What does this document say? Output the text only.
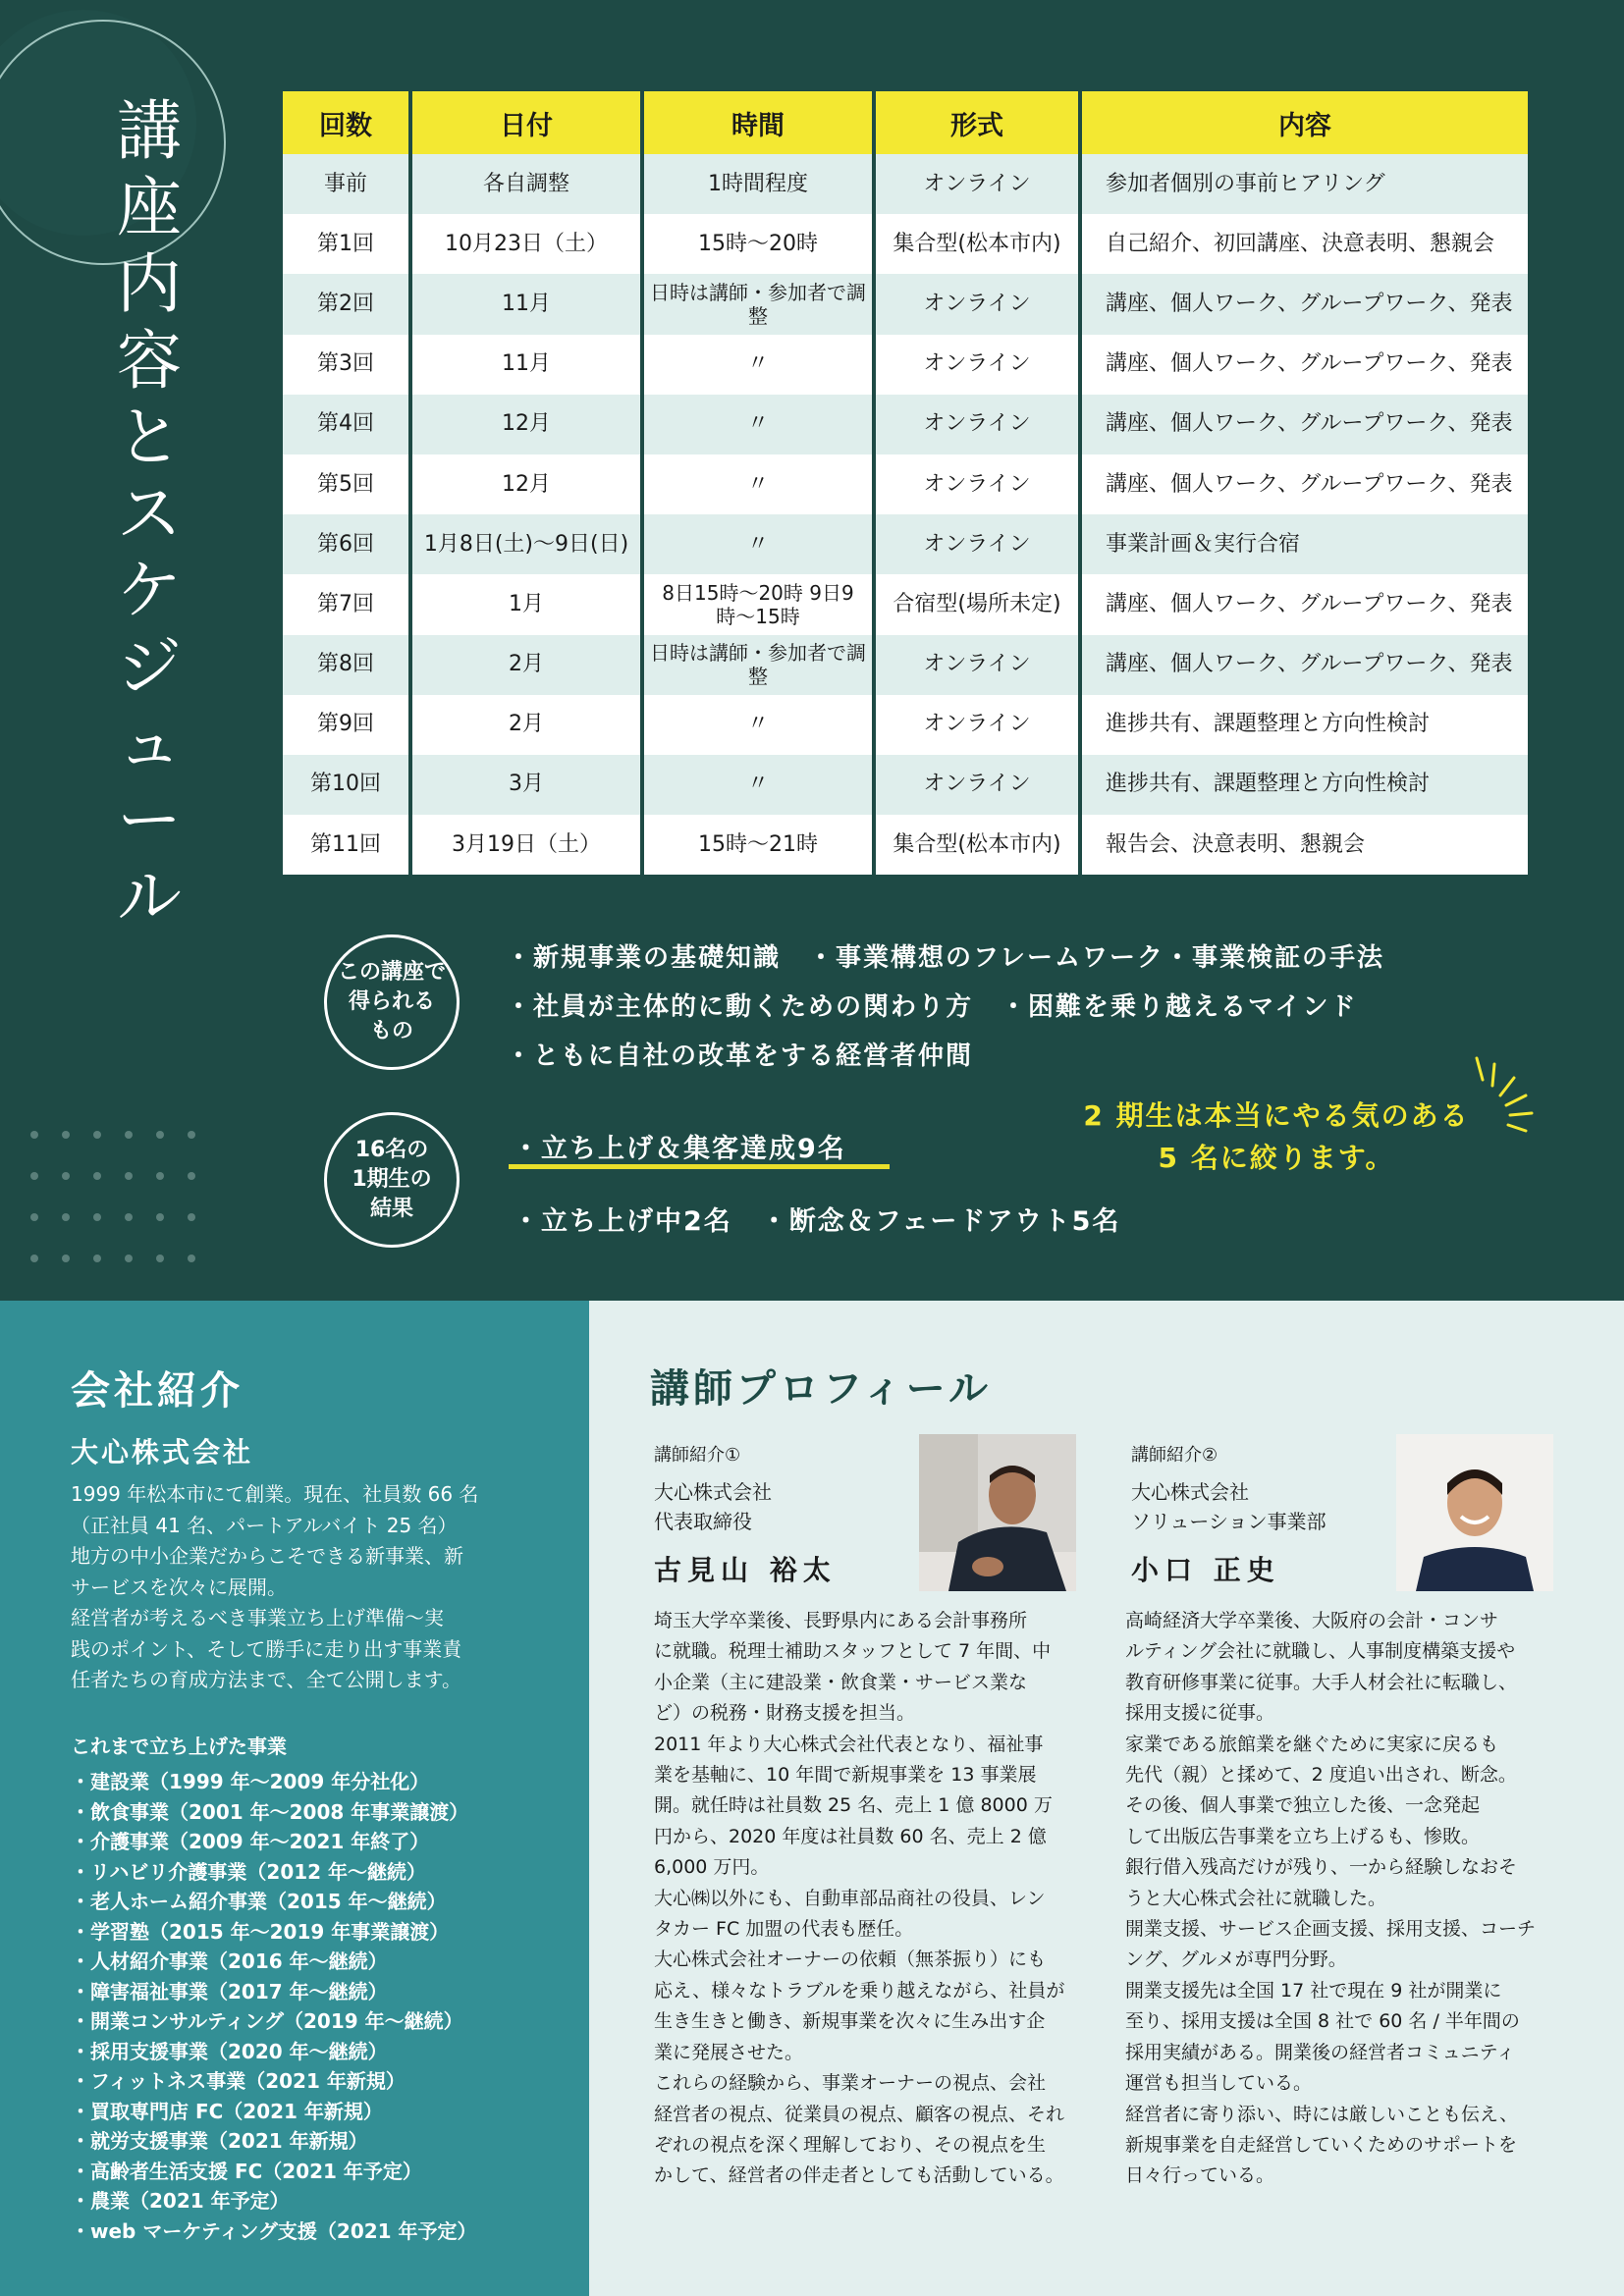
講
座
内
容
と
ス
ケ
ジ
ュ
ー
ル
回数	日付	時間	形式	内容
事前	各自調整	1時間程度	オンライン	参加者個別の事前ヒアリング
第1回	10月23日（土）	15時〜20時	集合型(松本市内)	自己紹介、初回講座、決意表明、懇親会
第2回	11月	日時は講師・参加者で調整	オンライン	講座、個人ワーク、グループワーク、発表
第3回	11月	〃	オンライン	講座、個人ワーク、グループワーク、発表
第4回	12月	〃	オンライン	講座、個人ワーク、グループワーク、発表
第5回	12月	〃	オンライン	講座、個人ワーク、グループワーク、発表
第6回	1月8日(土)〜9日(日)	〃	オンライン	事業計画＆実行合宿
第7回	1月	8日15時〜20時 9日9時〜15時	合宿型(場所未定)	講座、個人ワーク、グループワーク、発表
第8回	2月	日時は講師・参加者で調整	オンライン	講座、個人ワーク、グループワーク、発表
第9回	2月	〃	オンライン	進捗共有、課題整理と方向性検討
第10回	3月	〃	オンライン	進捗共有、課題整理と方向性検討
第11回	3月19日（土）	15時〜21時	集合型(松本市内)	報告会、決意表明、懇親会
この講座で
得られる
もの
・新規事業の基礎知識　・事業構想のフレームワーク・事業検証の手法
・社員が主体的に動くための関わり方　・困難を乗り越えるマインド
・ともに自社の改革をする経営者仲間
16名の
1期生の
結果
・立ち上げ＆集客達成9名
・立ち上げ中2名　・断念＆フェードアウト5名
2 期生は本当にやる気のある
5 名に絞ります。
会社紹介
大心株式会社
1999 年松本市にて創業。現在、社員数 66 名
（正社員 41 名、パートアルバイト 25 名）
地方の中小企業だからこそできる新事業、新
サービスを次々に展開。
経営者が考えるべき事業立ち上げ準備〜実
践のポイント、そして勝手に走り出す事業責
任者たちの育成方法まで、全て公開します。
これまで立ち上げた事業
・建設業（1999 年〜2009 年分社化）
・飲食事業（2001 年〜2008 年事業譲渡）
・介護事業（2009 年〜2021 年終了）
・リハビリ介護事業（2012 年〜継続）
・老人ホーム紹介事業（2015 年〜継続）
・学習塾（2015 年〜2019 年事業譲渡）
・人材紹介事業（2016 年〜継続）
・障害福祉事業（2017 年〜継続）
・開業コンサルティング（2019 年〜継続）
・採用支援事業（2020 年〜継続）
・フィットネス事業（2021 年新規）
・買取専門店 FC（2021 年新規）
・就労支援事業（2021 年新規）
・高齢者生活支援 FC（2021 年予定）
・農業（2021 年予定）
・web マーケティング支援（2021 年予定）
講師プロフィール
講師紹介①
大心株式会社
代表取締役
古見山 裕太
埼玉大学卒業後、長野県内にある会計事務所
に就職。税理士補助スタッフとして 7 年間、中
小企業（主に建設業・飲食業・サービス業な
ど）の税務・財務支援を担当。
2011 年より大心株式会社代表となり、福祉事
業を基軸に、10 年間で新規事業を 13 事業展
開。就任時は社員数 25 名、売上 1 億 8000 万
円から、2020 年度は社員数 60 名、売上 2 億
6,000 万円。
大心㈱以外にも、自動車部品商社の役員、レン
タカー FC 加盟の代表も歴任。
大心株式会社オーナーの依頼（無茶振り）にも
応え、様々なトラブルを乗り越えながら、社員が
生き生きと働き、新規事業を次々に生み出す企
業に発展させた。
これらの経験から、事業オーナーの視点、会社
経営者の視点、従業員の視点、顧客の視点、それ
ぞれの視点を深く理解しており、その視点を生
かして、経営者の伴走者としても活動している。
講師紹介②
大心株式会社
ソリューション事業部
小口 正史
高崎経済大学卒業後、大阪府の会計・コンサ
ルティング会社に就職し、人事制度構築支援や
教育研修事業に従事。大手人材会社に転職し、
採用支援に従事。
家業である旅館業を継ぐために実家に戻るも
先代（親）と揉めて、2 度追い出され、断念。
その後、個人事業で独立した後、一念発起
して出版広告事業を立ち上げるも、惨敗。
銀行借入残高だけが残り、一から経験しなおそ
うと大心株式会社に就職した。
開業支援、サービス企画支援、採用支援、コーチ
ング、グルメが専門分野。
開業支援先は全国 17 社で現在 9 社が開業に
至り、採用支援は全国 8 社で 60 名 / 半年間の
採用実績がある。開業後の経営者コミュニティ
運営も担当している。
経営者に寄り添い、時には厳しいことも伝え、
新規事業を自走経営していくためのサポートを
日々行っている。
